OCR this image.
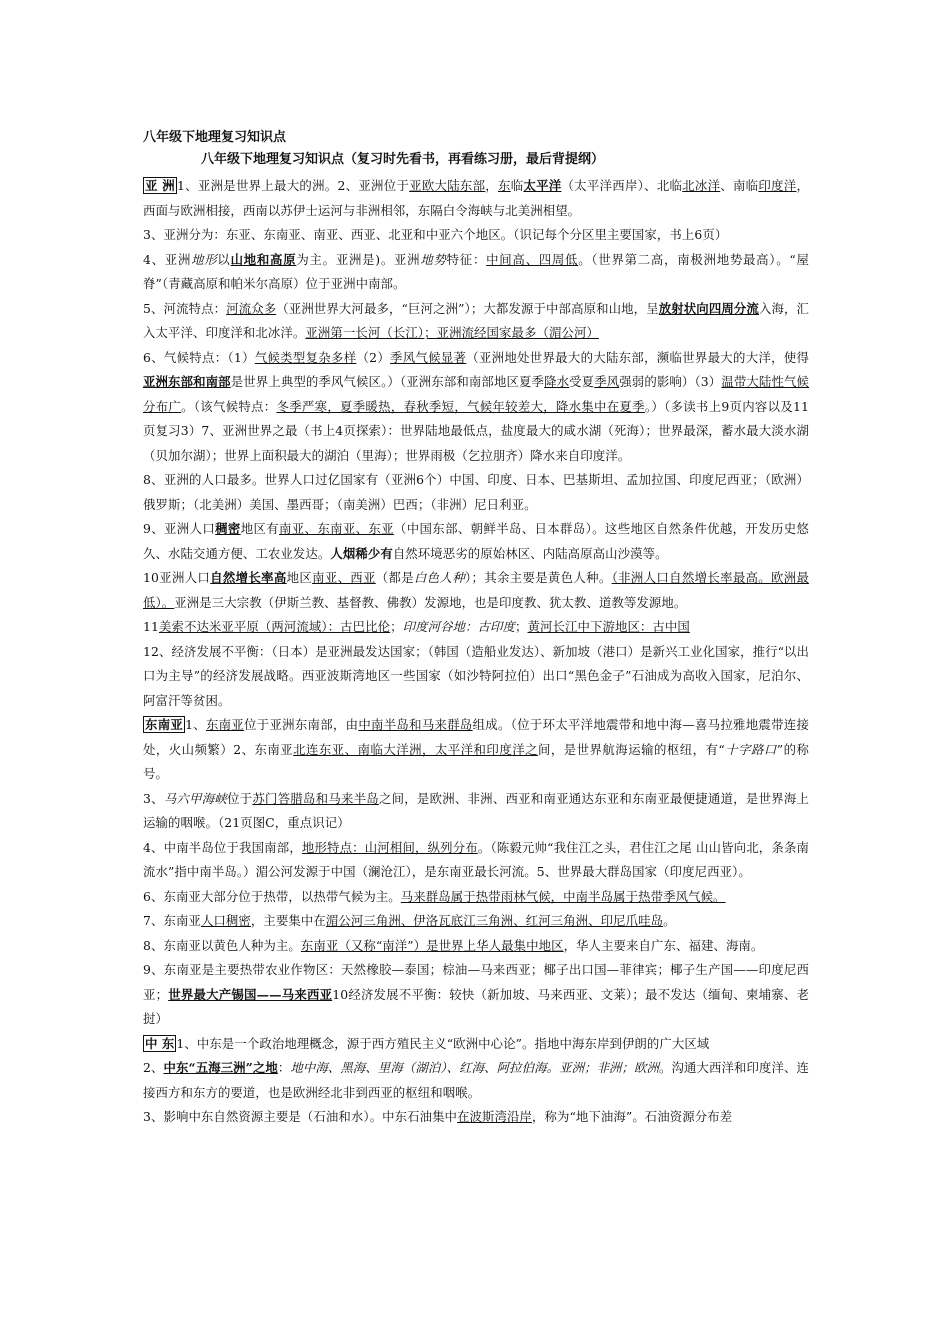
八年级下地理复习知识点
八年级下地理复习知识点（复习时先看书，再看练习册，最后背提纲）

亚 洲 1、亚洲是世界上最大的洲。2、亚洲位于亚欧大陆东部，东临太平洋（太平洋西岸）、北临北冰洋、南临印度洋，西面与欧洲相接，西南以苏伊士运河与非洲相邻，东隔白令海峡与北美洲相望。

3、亚洲分为：东亚、东南亚、南亚、西亚、北亚和中亚六个地区。（识记每个分区里主要国家，书上6页）

4、亚洲地形以山地和高原为主。亚洲是)。亚洲地势特征：中间高、四周低。（世界第二高，南极洲地势最高）。“屋脊”（青藏高原和帕米尔高原）位于亚洲中南部。

5、河流特点：河流众多（亚洲世界大河最多，“巨河之洲”）；大都发源于中部高原和山地，呈放射状向四周分流入海，汇入太平洋、印度洋和北冰洋。亚洲第一长河（长江）；亚洲流经国家最多（湄公河）

6、气候特点：（1）气候类型复杂多样（2）季风气候显著（亚洲地处世界最大的大陆东部，濒临世界最大的大洋，使得亚洲东部和南部是世界上典型的季风气候区。）（亚洲东部和南部地区夏季降水受夏季风强弱的影响）（3）温带大陆性气候分布广。（该气候特点：冬季严寒，夏季暖热，春秋季短，气候年较差大，降水集中在夏季。）（多读书上9页内容以及11页复习3）7、亚洲世界之最（书上4页探索）：世界陆地最低点，盐度最大的咸水湖（死海）；世界最深，蓄水最大淡水湖（贝加尔湖）；世界上面积最大的湖泊（里海）；世界雨极（乞拉朋齐）降水来自印度洋。

8、亚洲的人口最多。世界人口过亿国家有（亚洲6个）中国、印度、日本、巴基斯坦、孟加拉国、印度尼西亚；（欧洲）俄罗斯；（北美洲）美国、墨西哥；（南美洲）巴西；（非洲）尼日利亚。

9、亚洲人口稠密地区有南亚、东南亚、东亚（中国东部、朝鲜半岛、日本群岛）。这些地区自然条件优越，开发历史悠久、水陆交通方便、工农业发达。人烟稀少有自然环境恶劣的原始林区、内陆高原高山沙漠等。

10亚洲人口自然增长率高地区南亚、西亚（都是白色人种）；其余主要是黄色人种。（非洲人口自然增长率最高。欧洲最低）。亚洲是三大宗教（伊斯兰教、基督教、佛教）发源地，也是印度教、犹太教、道教等发源地。

11美索不达米亚平原（两河流域）：古巴比伦；印度河谷地：古印度；黄河长江中下游地区：古中国

12、经济发展不平衡：（日本）是亚洲最发达国家；（韩国（造船业发达）、新加坡（港口）是新兴工业化国家，推行“以出口为主导”的经济发展战略。西亚波斯湾地区一些国家（如沙特阿拉伯）出口“黑色金子”石油成为高收入国家，尼泊尔、阿富汗等贫困。

东南亚 1、东南亚位于亚洲东南部，由中南半岛和马来群岛组成。（位于环太平洋地震带和地中海—喜马拉雅地震带连接处，火山频繁）2、东南亚北连东亚、南临大洋洲，太平洋和印度洋之间，是世界航海运输的枢纽，有“十字路口”的称号。

3、马六甲海峡位于苏门答腊岛和马来半岛之间，是欧洲、非洲、西亚和南亚通达东亚和东南亚最便捷通道，是世界海上运输的咽喉。（21页图C，重点识记）

4、中南半岛位于我国南部，地形特点：山河相间，纵列分布。（陈毅元帅“我住江之头，君住江之尾 山山皆向北，条条南流水”指中南半岛。）湄公河发源于中国（澜沧江），是东南亚最长河流。5、世界最大群岛国家（印度尼西亚）。

6、东南亚大部分位于热带，以热带气候为主。马来群岛属于热带雨林气候，中南半岛属于热带季风气候。

7、东南亚人口稠密，主要集中在湄公河三角洲、伊洛瓦底江三角洲、红河三角洲、印尼爪哇岛。

8、东南亚以黄色人种为主。东南亚（又称“南洋”）是世界上华人最集中地区，华人主要来自广东、福建、海南。

9、东南亚是主要热带农业作物区：天然橡胶—泰国；棕油—马来西亚；椰子出口国—菲律宾；椰子生产国——印度尼西亚；世界最大产锡国——马来西亚10经济发展不平衡：较快（新加坡、马来西亚、文莱）；最不发达（缅甸、柬埔寨、老挝）

中 东 1、中东是一个政治地理概念，源于西方殖民主义“欧洲中心论”。指地中海东岸到伊朗的广大区域

2、中东“五海三洲”之地：地中海、黑海、里海（湖泊）、红海、阿拉伯海。亚洲；非洲；欧洲。沟通大西洋和印度洋、连接西方和东方的要道，也是欧洲经北非到西亚的枢纽和咽喉。

3、影响中东自然资源主要是（石油和水）。中东石油集中在波斯湾沿岸，称为“地下油海”。石油资源分布差
